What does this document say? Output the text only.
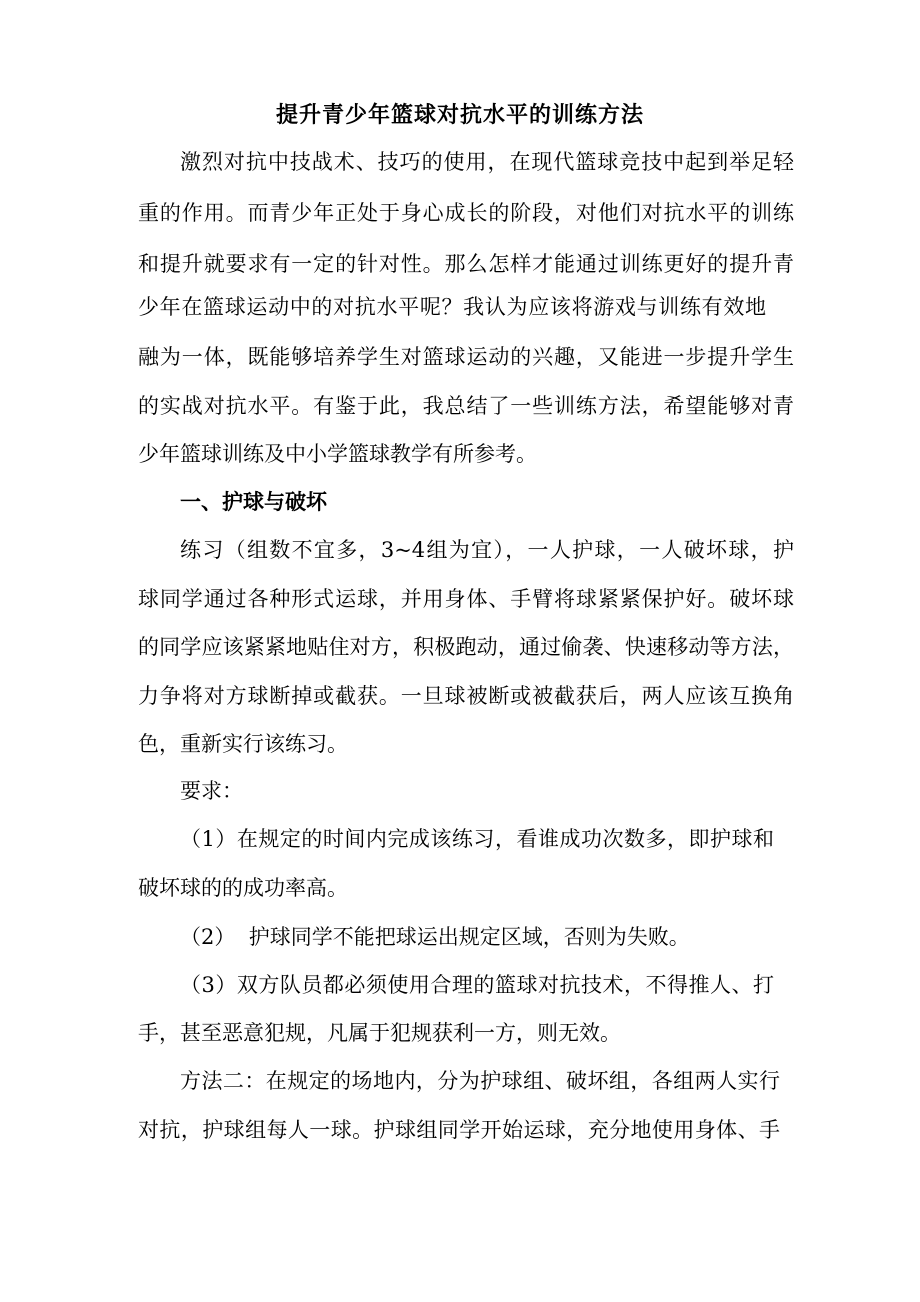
提升青少年篮球对抗水平的训练方法
激烈对抗中技战术、技巧的使用，在现代篮球竞技中起到举足轻
重的作用。而青少年正处于身心成长的阶段，对他们对抗水平的训练
和提升就要求有一定的针对性。那么怎样才能通过训练更好的提升青
少年在篮球运动中的对抗水平呢？我认为应该将游戏与训练有效地
融为一体，既能够培养学生对篮球运动的兴趣，又能进一步提升学生
的实战对抗水平。有鉴于此，我总结了一些训练方法，希望能够对青
少年篮球训练及中小学篮球教学有所参考。
一、护球与破坏
练习（组数不宜多，3~4组为宜），一人护球，一人破坏球，护
球同学通过各种形式运球，并用身体、手臂将球紧紧保护好。破坏球
的同学应该紧紧地贴住对方，积极跑动，通过偷袭、快速移动等方法，
力争将对方球断掉或截获。一旦球被断或被截获后，两人应该互换角
色，重新实行该练习。
要求：
（1）在规定的时间内完成该练习，看谁成功次数多，即护球和
破坏球的的成功率高。
（2）  护球同学不能把球运出规定区域，否则为失败。
（3）双方队员都必须使用合理的篮球对抗技术，不得推人、打
手，甚至恶意犯规，凡属于犯规获利一方，则无效。
方法二：在规定的场地内，分为护球组、破坏组，各组两人实行
对抗，护球组每人一球。护球组同学开始运球，充分地使用身体、手
